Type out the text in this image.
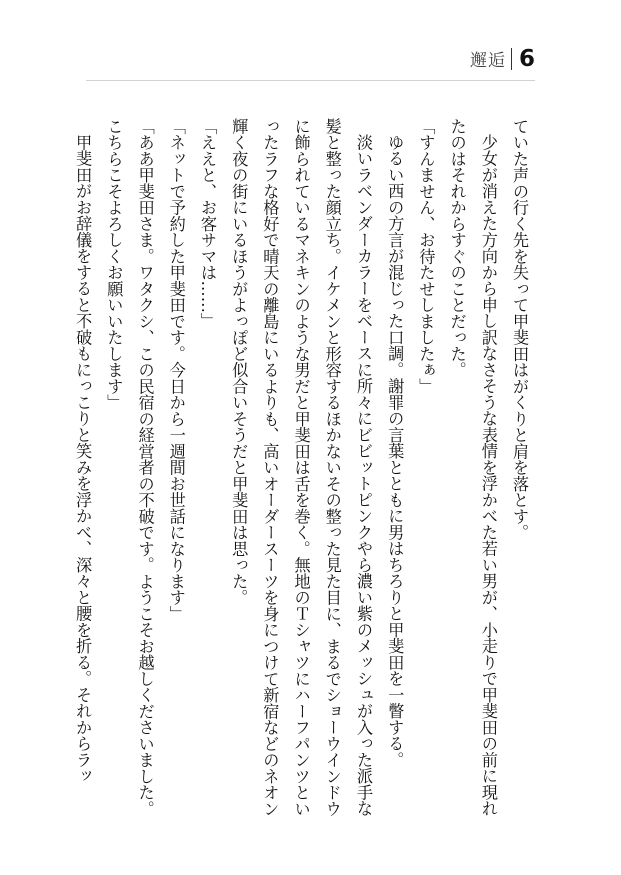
邂逅 6

ていた声の行く先を失って甲斐田はがくりと肩を落とす。

少女が消えた方向から申し訳なさそうな表情を浮かべた若い男が、小走りで甲斐田の前に現れたのはそれからすぐのことだった。

「すんません、お待たせしましたぁ」

ゆるい西の方言が混じった口調。謝罪の言葉とともに男はちろりと甲斐田を一瞥する。

淡いラベンダーカラーをベースに所々にビビットピンクやら濃い紫のメッシュが入った派手な髪と整った顔立ち。イケメンと形容するほかないその整った見た目に、まるでショーウインドウに飾られているマネキンのような男だと甲斐田は舌を巻く。無地のＴシャツにハーフパンツといったラフな格好で晴天の離島にいるよりも、高いオーダースーツを身につけて新宿などのネオン輝く夜の街にいるほうがよっぽど似合いそうだと甲斐田は思った。

「ええと、お客サマは……」

「ネットで予約した甲斐田です。今日から一週間お世話になります」

「ああ甲斐田さま。ワタクシ、この民宿の経営者の不破です。ようこそお越しくださいました。　こちらこそよろしくお願いいたします」

甲斐田がお辞儀をすると不破もにっこりと笑みを浮かべ、深々と腰を折る。それからラッ
